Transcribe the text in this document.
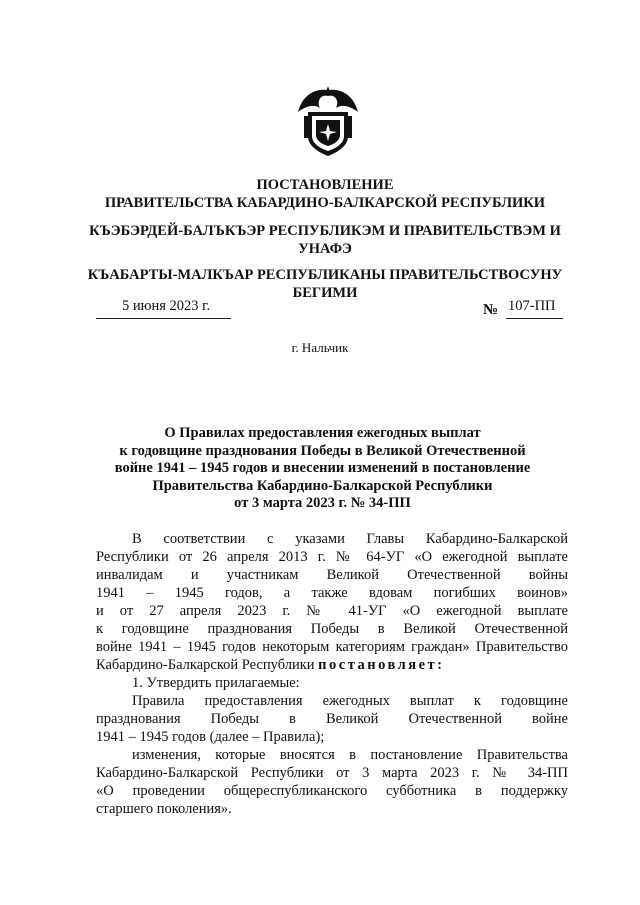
ПОСТАНОВЛЕНИЕ
ПРАВИТЕЛЬСТВА КАБАРДИНО-БАЛКАРСКОЙ РЕСПУБЛИКИ
КЪЭБЭРДЕЙ-БАЛЪКЪЭР РЕСПУБЛИКЭМ И ПРАВИТЕЛЬСТВЭМ И
УНАФЭ
КЪАБАРТЫ-МАЛКЪАР РЕСПУБЛИКАНЫ ПРАВИТЕЛЬСТВОСУНУ
БЕГИМИ
5 июня 2023 г.	№ 107-ПП
г. Нальчик
О Правилах предоставления ежегодных выплат
к годовщине празднования Победы в Великой Отечественной
войне 1941 – 1945 годов и внесении изменений в постановление
Правительства Кабардино-Балкарской Республики
от 3 марта 2023 г. № 34-ПП
В соответствии с указами Главы Кабардино-Балкарской
Республики от 26 апреля 2013 г. № 64-УГ «О ежегодной выплате
инвалидам и участникам Великой Отечественной войны
1941 – 1945 годов, а также вдовам погибших воинов»
и от 27 апреля 2023 г. № 41-УГ «О ежегодной выплате
к годовщине празднования Победы в Великой Отечественной
войне 1941 – 1945 годов некоторым категориям граждан» Правительство
Кабардино-Балкарской Республики постановляет:
1. Утвердить прилагаемые:
Правила предоставления ежегодных выплат к годовщине
празднования Победы в Великой Отечественной войне
1941 – 1945 годов (далее – Правила);
изменения, которые вносятся в постановление Правительства
Кабардино-Балкарской Республики от 3 марта 2023 г. № 34-ПП
«О проведении общереспубликанского субботника в поддержку
старшего поколения».
